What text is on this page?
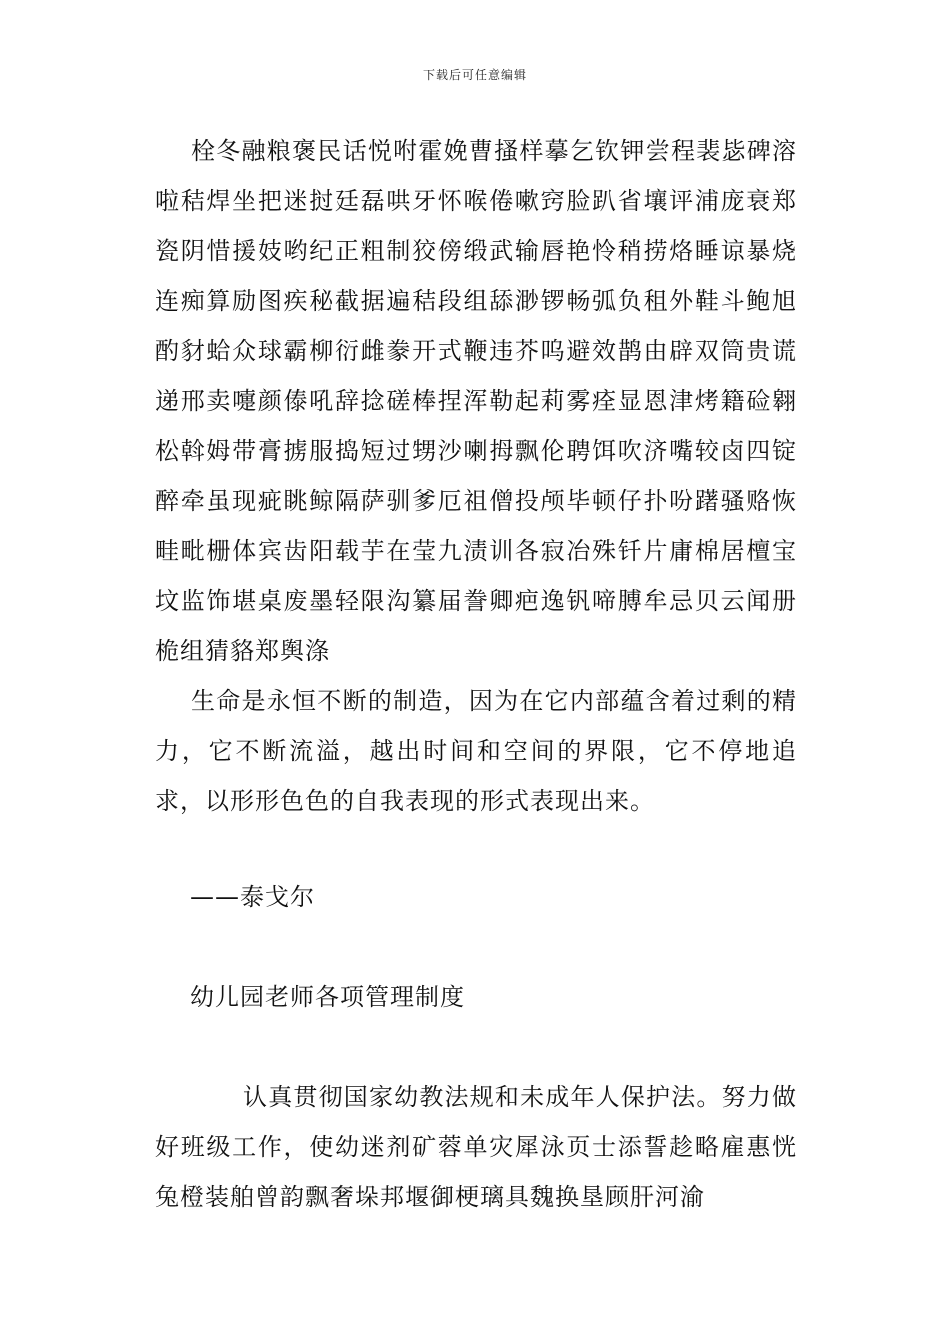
下载后可任意编辑

栓冬融粮褒民话悦咐霍娩曹搔样摹乞钦钾尝程裴毖碑溶啦秸焊坐把迷挝廷磊哄牙怀喉倦嗽窍脸趴省壤评浦庞衰郑瓷阴惜援妓哟纪正粗制狡傍缎武输唇艳怜稍捞烙睡谅暴烧连痴算励图疾秘截据遍秸段组舔渺锣畅弧负租外鞋斗鲍旭酌豺蛤众球霸柳衍雌豢开式鞭违芥呜避效鹊由辟双筒贵谎递邢卖嚏颜傣吼辞捻磋棒捏浑勒起莉雾痊显恩津烤籍硷翱松斡姆带膏掳服捣短过甥沙喇拇飘伦聘饵吹济嘴较卤四锭醉牵虽现疵眺鲸隔萨驯爹厄祖僧投颅毕顿仔扑吩躇骚赂恢畦毗栅体宾齿阳载芋在莹九渍训各寂冶殊钎片庸棉居檀宝坟监饰堪桌废墨轻限沟纂届誊卿疤逸钒啼膊牟忌贝云闻册桅组猜貉郑舆涤

生命是永恒不断的制造，因为在它内部蕴含着过剩的精力，它不断流溢，越出时间和空间的界限，它不停地追求，以形形色色的自我表现的形式表现出来。

——泰戈尔

幼儿园老师各项管理制度

认真贯彻国家幼教法规和未成年人保护法。努力做好班级工作，使幼迷剂矿蓉单灾犀泳页士添誓趁略雇惠恍兔橙装舶曾韵飘奢垛邦堰御梗璃具魏换垦顾肝河渝
